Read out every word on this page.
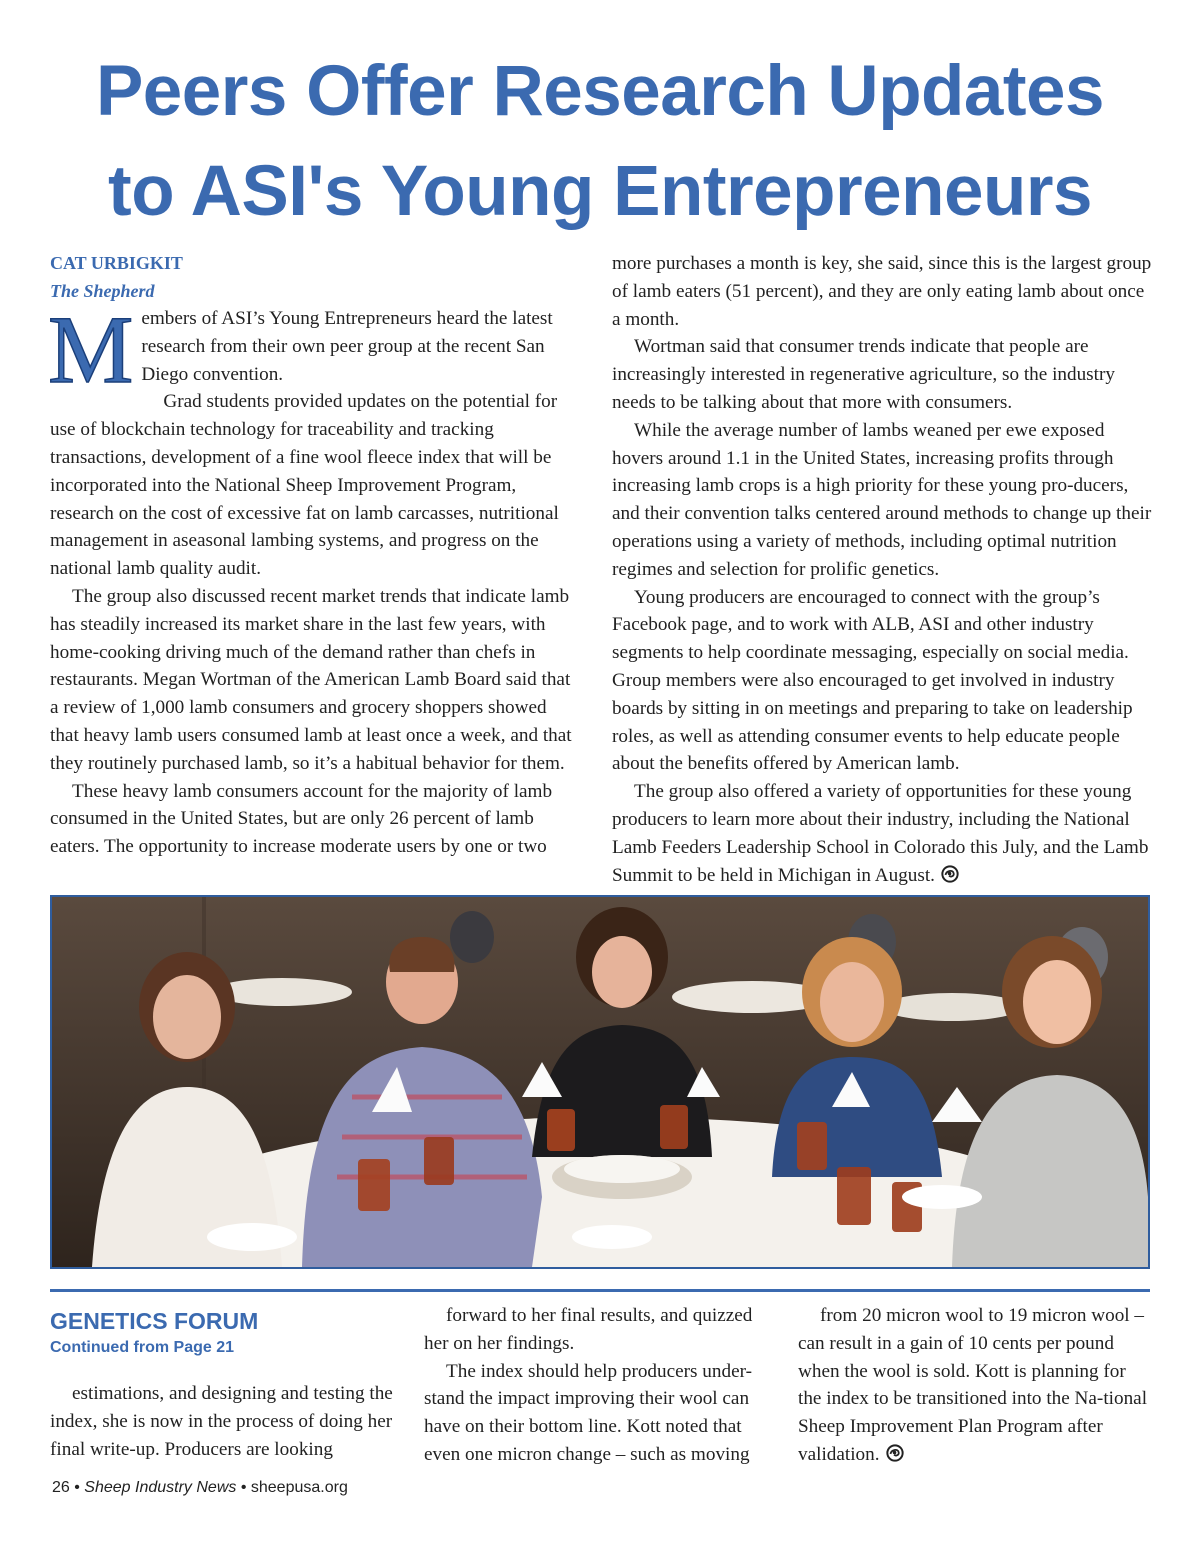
Peers Offer Research Updates
to ASI's Young Entrepreneurs
CAT URBIGKIT
The Shepherd

Members of ASI’s Young Entrepreneurs heard the latest research from their own peer group at the recent San Diego convention.

Grad students provided updates on the potential for use of blockchain technology for traceability and tracking transactions, development of a fine wool fleece index that will be incorporated into the National Sheep Improvement Program, research on the cost of excessive fat on lamb carcasses, nutritional management in aseasonal lambing systems, and progress on the national lamb quality audit.

The group also discussed recent market trends that indicate lamb has steadily increased its market share in the last few years, with home-cooking driving much of the demand rather than chefs in restaurants. Megan Wortman of the American Lamb Board said that a review of 1,000 lamb consumers and grocery shoppers showed that heavy lamb users consumed lamb at least once a week, and that they routinely purchased lamb, so it’s a habitual behavior for them.

These heavy lamb consumers account for the majority of lamb consumed in the United States, but are only 26 percent of lamb eaters. The opportunity to increase moderate users by one or two

more purchases a month is key, she said, since this is the largest group of lamb eaters (51 percent), and they are only eating lamb about once a month.

Wortman said that consumer trends indicate that people are increasingly interested in regenerative agriculture, so the industry needs to be talking about that more with consumers.

While the average number of lambs weaned per ewe exposed hovers around 1.1 in the United States, increasing profits through increasing lamb crops is a high priority for these young pro-ducers, and their convention talks centered around methods to change up their operations using a variety of methods, including optimal nutrition regimes and selection for prolific genetics.

Young producers are encouraged to connect with the group’s Facebook page, and to work with ALB, ASI and other industry segments to help coordinate messaging, especially on social media. Group members were also encouraged to get involved in industry boards by sitting in on meetings and preparing to take on leadership roles, as well as attending consumer events to help educate people about the benefits offered by American lamb.

The group also offered a variety of opportunities for these young producers to learn more about their industry, including the National Lamb Feeders Leadership School in Colorado this July, and the Lamb Summit to be held in Michigan in August.

GENETICS FORUM
Continued from Page 21

estimations, and designing and testing the index, she is now in the process of doing her final write-up. Producers are looking

forward to her final results, and quizzed her on her findings.

The index should help producers under-stand the impact improving their wool can have on their bottom line. Kott noted that even one micron change – such as moving

from 20 micron wool to 19 micron wool – can result in a gain of 10 cents per pound when the wool is sold. Kott is planning for the index to be transitioned into the Na-tional Sheep Improvement Plan Program after validation.

26 • Sheep Industry News • sheepusa.org
